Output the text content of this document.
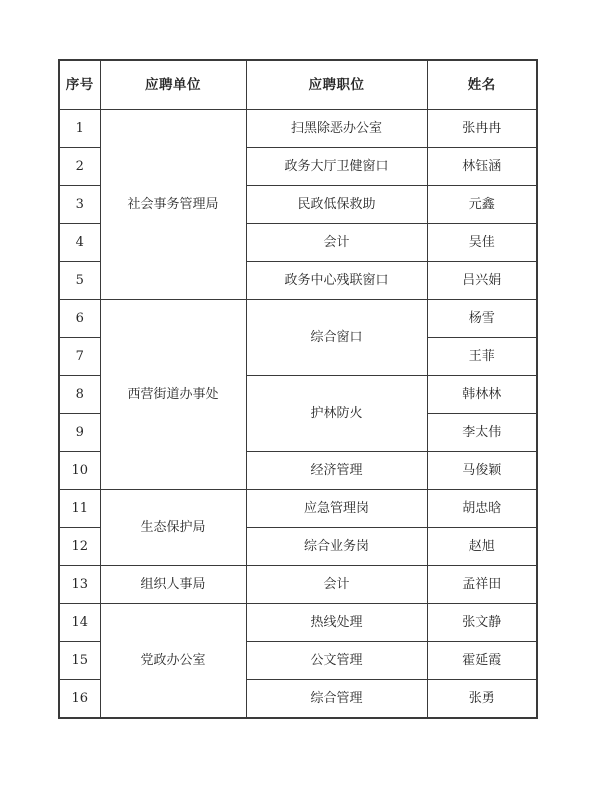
序号	应聘单位	应聘职位	姓名
1	社会事务管理局	扫黑除恶办公室	张冉冉
2		政务大厅卫健窗口	林钰涵
3		民政低保救助	元鑫
4		会计	吴佳
5		政务中心残联窗口	吕兴娟
6	西营街道办事处	综合窗口	杨雪
7			王菲
8		护林防火	韩林林
9			李太伟
10		经济管理	马俊颖
11	生态保护局	应急管理岗	胡忠晗
12		综合业务岗	赵旭
13	组织人事局	会计	孟祥田
14	党政办公室	热线处理	张文静
15		公文管理	霍延霞
16		综合管理	张勇
